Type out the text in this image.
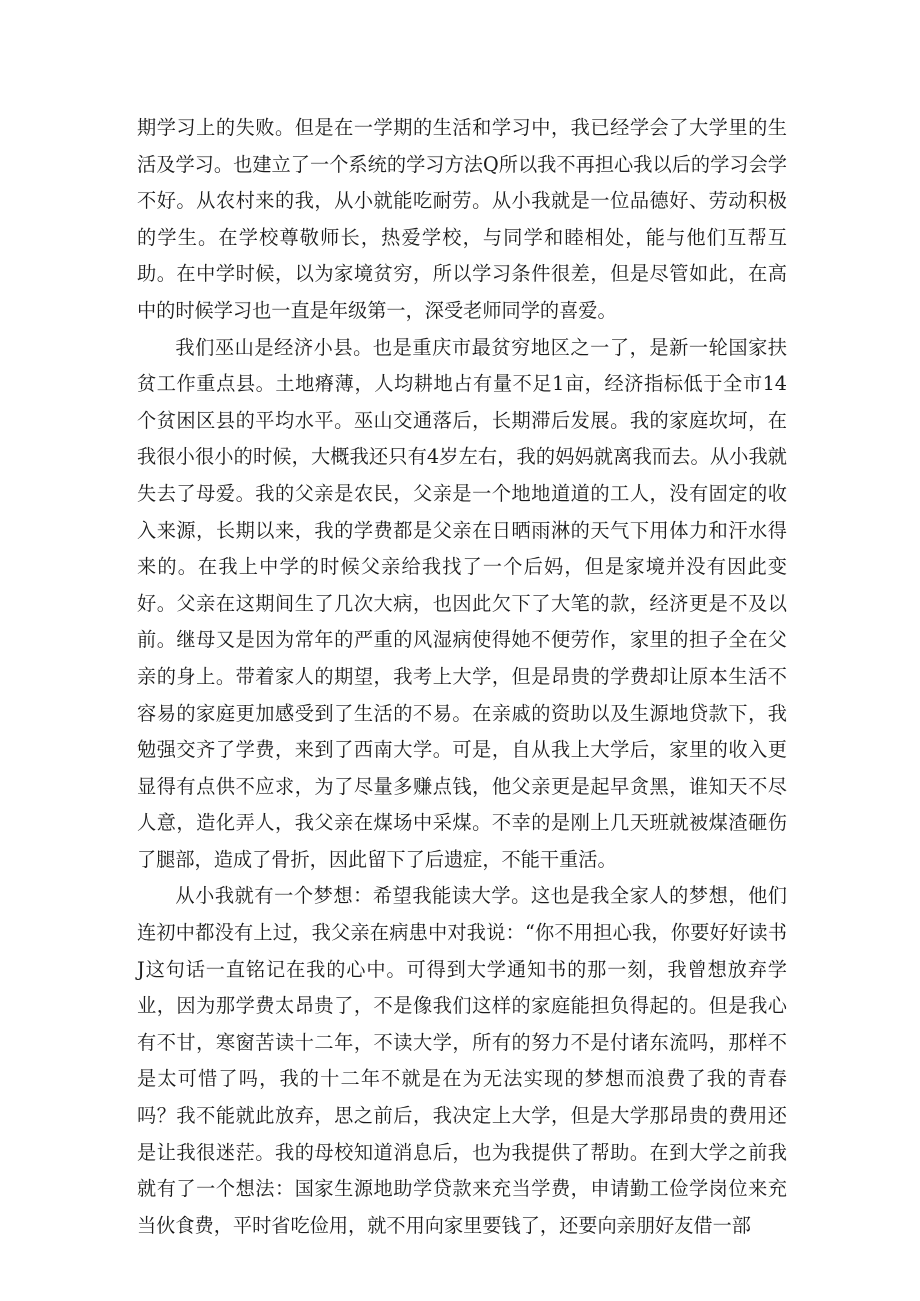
期学习上的失败。但是在一学期的生活和学习中，我已经学会了大学里的生活及学习。也建立了一个系统的学习方法Q所以我不再担心我以后的学习会学不好。从农村来的我，从小就能吃耐劳。从小我就是一位品德好、劳动积极的学生。在学校尊敬师长，热爱学校，与同学和睦相处，能与他们互帮互助。在中学时候，以为家境贫穷，所以学习条件很差，但是尽管如此，在高中的时候学习也一直是年级第一，深受老师同学的喜爱。

我们巫山是经济小县。也是重庆市最贫穷地区之一了，是新一轮国家扶贫工作重点县。土地瘠薄，人均耕地占有量不足1亩，经济指标低于全市14个贫困区县的平均水平。巫山交通落后，长期滞后发展。我的家庭坎坷，在我很小很小的时候，大概我还只有4岁左右，我的妈妈就离我而去。从小我就失去了母爱。我的父亲是农民，父亲是一个地地道道的工人，没有固定的收入来源，长期以来，我的学费都是父亲在日晒雨淋的天气下用体力和汗水得来的。在我上中学的时候父亲给我找了一个后妈，但是家境并没有因此变好。父亲在这期间生了几次大病，也因此欠下了大笔的款，经济更是不及以前。继母又是因为常年的严重的风湿病使得她不便劳作，家里的担子全在父亲的身上。带着家人的期望，我考上大学，但是昂贵的学费却让原本生活不容易的家庭更加感受到了生活的不易。在亲戚的资助以及生源地贷款下，我勉强交齐了学费，来到了西南大学。可是，自从我上大学后，家里的收入更显得有点供不应求，为了尽量多赚点钱，他父亲更是起早贪黑，谁知天不尽人意，造化弄人，我父亲在煤场中采煤。不幸的是刚上几天班就被煤渣砸伤了腿部，造成了骨折，因此留下了后遗症，不能干重活。

从小我就有一个梦想：希望我能读大学。这也是我全家人的梦想，他们连初中都没有上过，我父亲在病患中对我说：“你不用担心我，你要好好读书J这句话一直铭记在我的心中。可得到大学通知书的那一刻，我曾想放弃学业，因为那学费太昂贵了，不是像我们这样的家庭能担负得起的。但是我心有不甘，寒窗苦读十二年，不读大学，所有的努力不是付诸东流吗，那样不是太可惜了吗，我的十二年不就是在为无法实现的梦想而浪费了我的青春吗？我不能就此放弃，思之前后，我决定上大学，但是大学那昂贵的费用还是让我很迷茫。我的母校知道消息后，也为我提供了帮助。在到大学之前我就有了一个想法：国家生源地助学贷款来充当学费，申请勤工俭学岗位来充当伙食费，平时省吃俭用，就不用向家里要钱了，还要向亲朋好友借一部
